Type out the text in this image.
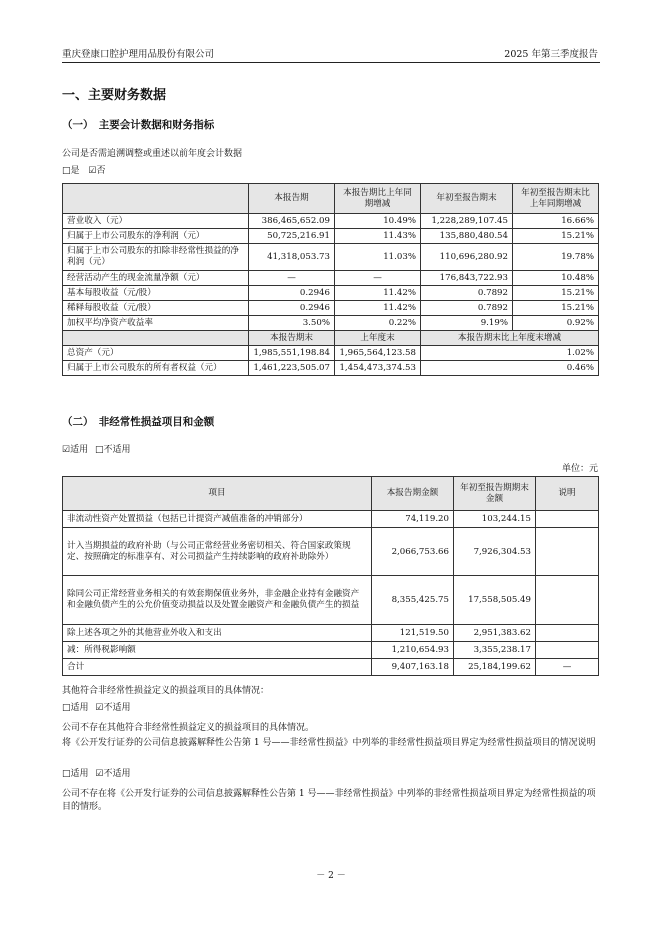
重庆登康口腔护理用品股份有限公司	2025 年第三季度报告
一、主要财务数据
（一）　主要会计数据和财务指标
公司是否需追溯调整或重述以前年度会计数据
□是 ☑否
	本报告期	本报告期比上年同期增减	年初至报告期末	年初至报告期末比上年同期增减
营业收入（元）	386,465,652.09	10.49%	1,228,289,107.45	16.66%
归属于上市公司股东的净利润（元）	50,725,216.91	11.43%	135,880,480.54	15.21%
归属于上市公司股东的扣除非经常性损益的净利润（元）	41,318,053.73	11.03%	110,696,280.92	19.78%
经营活动产生的现金流量净额（元）	—	—	176,843,722.93	10.48%
基本每股收益（元/股）	0.2946	11.42%	0.7892	15.21%
稀释每股收益（元/股）	0.2946	11.42%	0.7892	15.21%
加权平均净资产收益率	3.50%	0.22%	9.19%	0.92%
	本报告期末	上年度末	本报告期末比上年度末增减	
总资产（元）	1,985,551,198.84	1,965,564,123.58	1.02%	
归属于上市公司股东的所有者权益（元）	1,461,223,505.07	1,454,473,374.53	0.46%	
（二）　非经常性损益项目和金额
☑适用 □不适用
单位：元
项目	本报告期金额	年初至报告期期末金额	说明
非流动性资产处置损益（包括已计提资产减值准备的冲销部分）	74,119.20	103,244.15	
计入当期损益的政府补助（与公司正常经营业务密切相关、符合国家政策规定、按照确定的标准享有、对公司损益产生持续影响的政府补助除外）	2,066,753.66	7,926,304.53	
除同公司正常经营业务相关的有效套期保值业务外，非金融企业持有金融资产和金融负债产生的公允价值变动损益以及处置金融资产和金融负债产生的损益	8,355,425.75	17,558,505.49	
除上述各项之外的其他营业外收入和支出	121,519.50	2,951,383.62	
减：所得税影响额	1,210,654.93	3,355,238.17	
合计	9,407,163.18	25,184,199.62	—
其他符合非经常性损益定义的损益项目的具体情况：
□适用 ☑不适用
公司不存在其他符合非经常性损益定义的损益项目的具体情况。
将《公开发行证券的公司信息披露解释性公告第 1 号——非经常性损益》中列举的非经常性损益项目界定为经常性损益项目的情况说明
□适用 ☑不适用
公司不存在将《公开发行证券的公司信息披露解释性公告第 1 号——非经常性损益》中列举的非经常性损益项目界定为经常性损益的项目的情形。
－ 2 －
